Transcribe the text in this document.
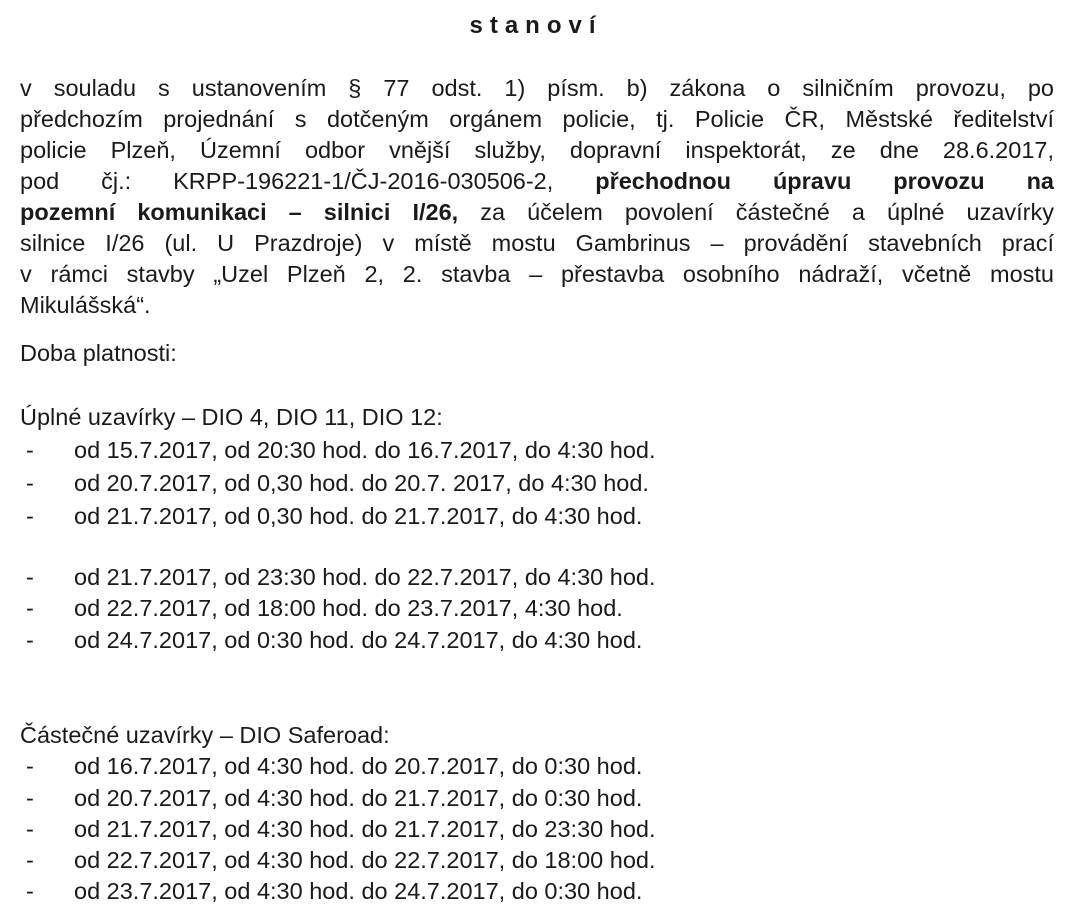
stanoví

v souladu s ustanovením § 77 odst. 1) písm. b) zákona o silničním provozu, po

předchozím projednání s dotčeným orgánem policie, tj. Policie ČR, Městské ředitelství

policie Plzeň, Územní odbor vnější služby, dopravní inspektorát, ze dne 28.6.2017,

pod čj.: KRPP-196221-1/ČJ-2016-030506-2, přechodnou úpravu provozu na

pozemní komunikaci – silnici I/26, za účelem povolení částečné a úplné uzavírky

silnice I/26 (ul. U Prazdroje) v místě mostu Gambrinus – provádění stavebních prací

v rámci stavby „Uzel Plzeň 2, 2. stavba – přestavba osobního nádraží, včetně mostu

Mikulášská“.

Doba platnosti:

Úplné uzavírky – DIO 4, DIO 11, DIO 12:

- od 15.7.2017, od 20:30 hod. do 16.7.2017, do 4:30 hod.

- od 20.7.2017, od 0,30 hod. do 20.7. 2017, do 4:30 hod.

- od 21.7.2017, od 0,30 hod. do 21.7.2017, do 4:30 hod.

- od 21.7.2017, od 23:30 hod. do 22.7.2017, do 4:30 hod.

- od 22.7.2017, od 18:00 hod. do 23.7.2017, 4:30 hod.

- od 24.7.2017, od 0:30 hod. do 24.7.2017, do 4:30 hod.

Částečné uzavírky – DIO Saferoad:

- od 16.7.2017, od 4:30 hod. do 20.7.2017, do 0:30 hod.

- od 20.7.2017, od 4:30 hod. do 21.7.2017, do 0:30 hod.

- od 21.7.2017, od 4:30 hod. do 21.7.2017, do 23:30 hod.

- od 22.7.2017, od 4:30 hod. do 22.7.2017, do 18:00 hod.

- od 23.7.2017, od 4:30 hod. do 24.7.2017, do 0:30 hod.
